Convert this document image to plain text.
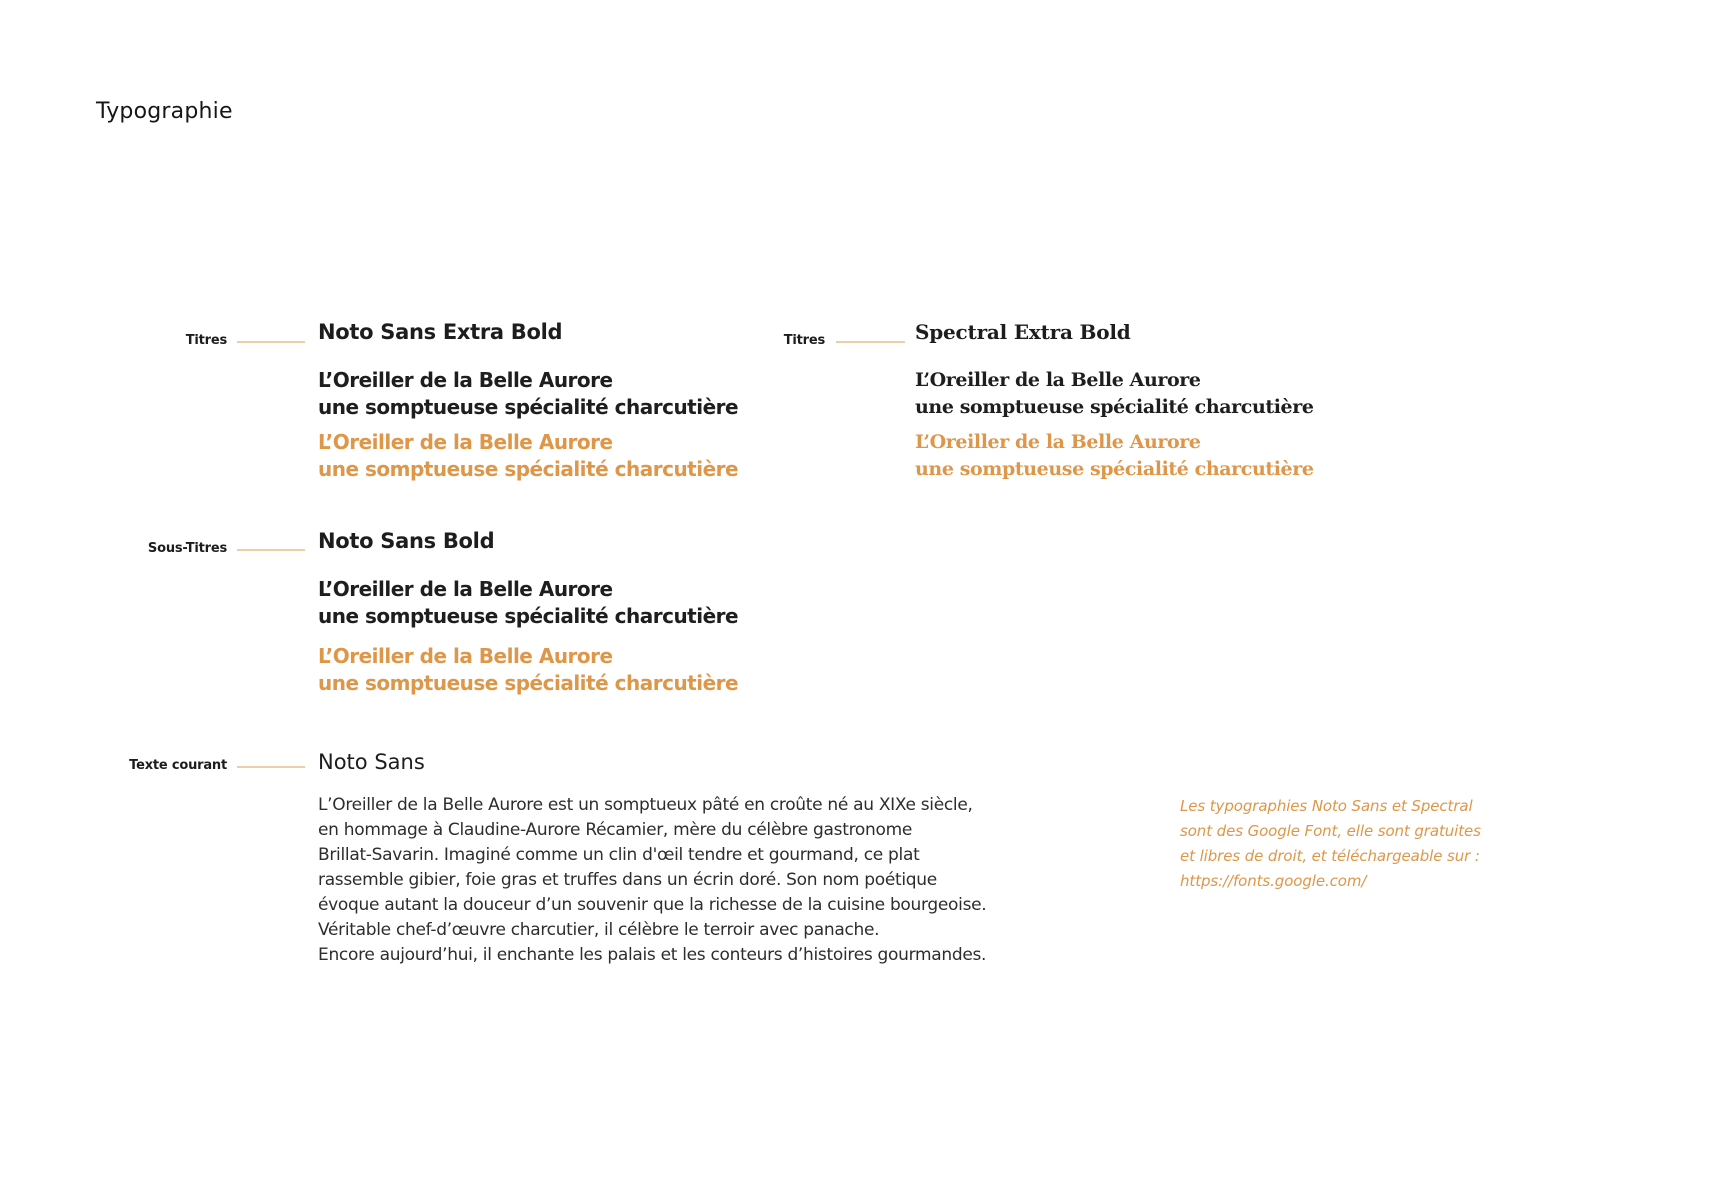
Typographie
Titres	Noto Sans Extra Bold
L’Oreiller de la Belle Aurore
une somptueuse spécialité charcutière
L’Oreiller de la Belle Aurore
une somptueuse spécialité charcutière
Titres	Spectral Extra Bold
L’Oreiller de la Belle Aurore
une somptueuse spécialité charcutière
L’Oreiller de la Belle Aurore
une somptueuse spécialité charcutière
Sous-Titres	Noto Sans Bold
L’Oreiller de la Belle Aurore
une somptueuse spécialité charcutière
L’Oreiller de la Belle Aurore
une somptueuse spécialité charcutière
Texte courant	Noto Sans
L’Oreiller de la Belle Aurore est un somptueux pâté en croûte né au XIXe siècle,
en hommage à Claudine-Aurore Récamier, mère du célèbre gastronome
Brillat-Savarin. Imaginé comme un clin d'œil tendre et gourmand, ce plat
rassemble gibier, foie gras et truffes dans un écrin doré. Son nom poétique
évoque autant la douceur d’un souvenir que la richesse de la cuisine bourgeoise.
Véritable chef-d’œuvre charcutier, il célèbre le terroir avec panache.
Encore aujourd’hui, il enchante les palais et les conteurs d’histoires gourmandes.
Les typographies Noto Sans et Spectral
sont des Google Font, elle sont gratuites
et libres de droit, et téléchargeable sur :
https://fonts.google.com/
